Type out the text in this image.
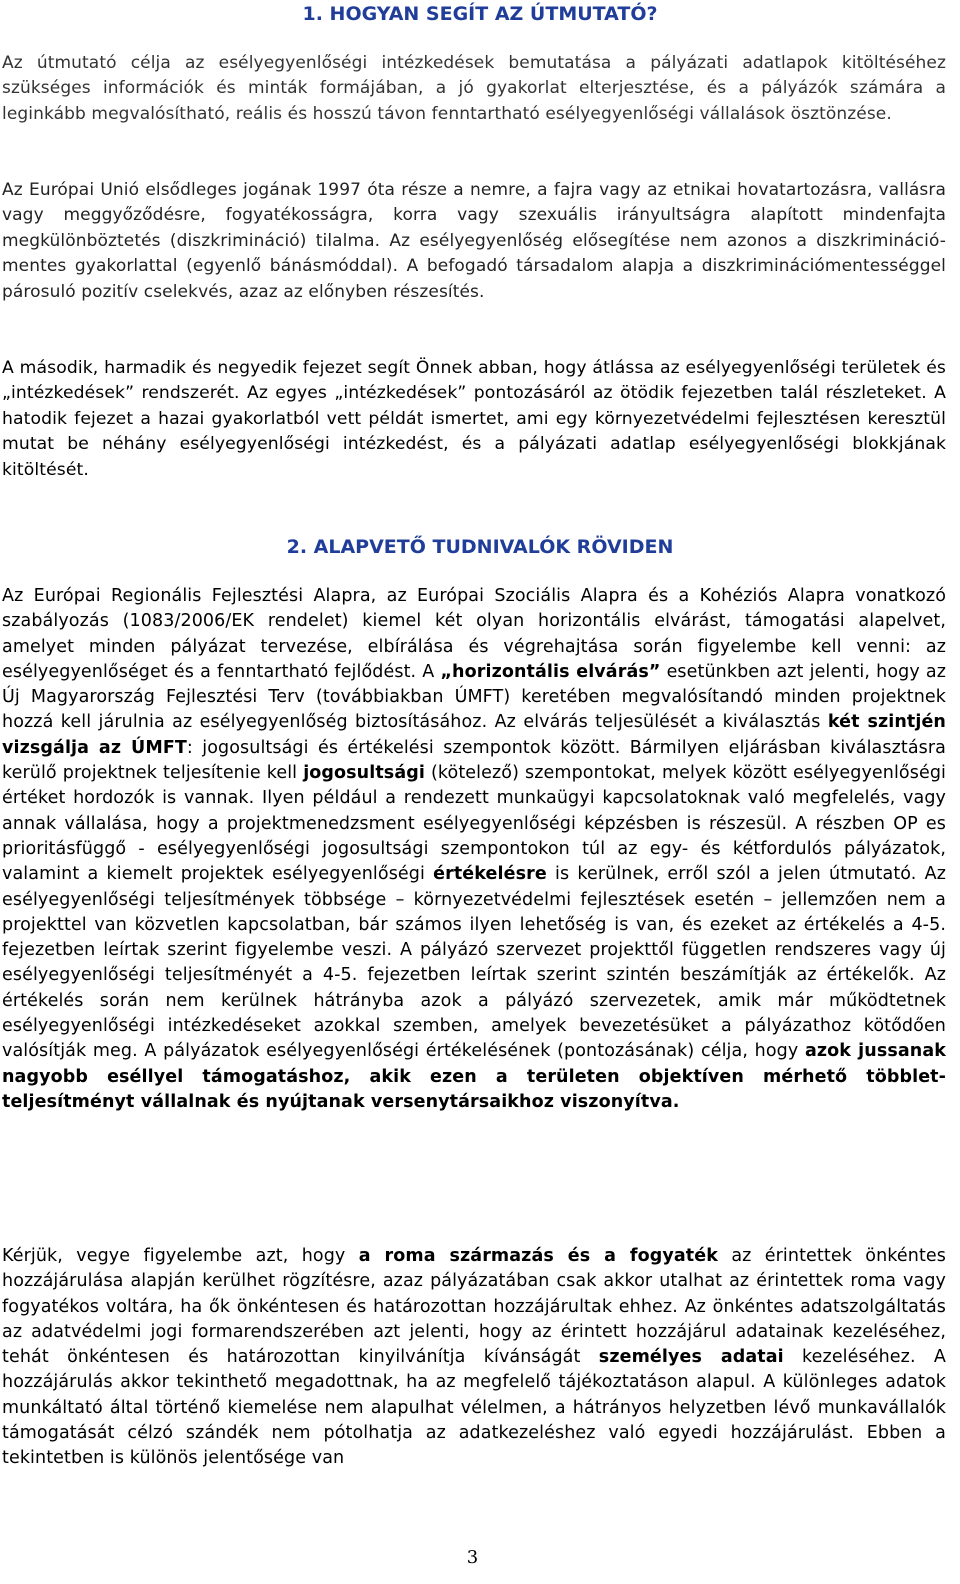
1. HOGYAN SEGÍT AZ ÚTMUTATÓ?

Az útmutató célja az esélyegyenlőségi intézkedések bemutatása a pályázati adatlapok kitöltéséhez szükséges információk és minták formájában, a jó gyakorlat elterjesztése, és a pályázók számára a leginkább megvalósítható, reális és hosszú távon fenntartható esélyegyenlőségi vállalások ösztönzése.

Az Európai Unió elsődleges jogának 1997 óta része a nemre, a fajra vagy az etnikai hovatartozásra, vallásra vagy meggyőződésre, fogyatékosságra, korra vagy szexuális irányultságra alapított mindenfajta megkülönböztetés (diszkrimináció) tilalma. Az esélyegyenlőség elősegítése nem azonos a diszkrimináció-mentes gyakorlattal (egyenlő bánásmóddal). A befogadó társadalom alapja a diszkriminációmentességgel párosuló pozitív cselekvés, azaz az előnyben részesítés.

A második, harmadik és negyedik fejezet segít Önnek abban, hogy átlássa az esélyegyenlőségi területek és „intézkedések” rendszerét. Az egyes „intézkedések” pontozásáról az ötödik fejezetben talál részleteket. A hatodik fejezet a hazai gyakorlatból vett példát ismertet, ami egy környezetvédelmi fejlesztésen keresztül mutat be néhány esélyegyenlőségi intézkedést, és a pályázati adatlap esélyegyenlőségi blokkjának kitöltését.

2. ALAPVETŐ TUDNIVALÓK RÖVIDEN

Az Európai Regionális Fejlesztési Alapra, az Európai Szociális Alapra és a Kohéziós Alapra vonatkozó szabályozás (1083/2006/EK rendelet) kiemel két olyan horizontális elvárást, támogatási alapelvet, amelyet minden pályázat tervezése, elbírálása és végrehajtása során figyelembe kell venni: az esélyegyenlőséget és a fenntartható fejlődést. A „horizontális elvárás” esetünkben azt jelenti, hogy az Új Magyarország Fejlesztési Terv (továbbiakban ÚMFT) keretében megvalósítandó minden projektnek hozzá kell járulnia az esélyegyenlőség biztosításához. Az elvárás teljesülését a kiválasztás két szintjén vizsgálja az ÚMFT: jogosultsági és értékelési szempontok között. Bármilyen eljárásban kiválasztásra kerülő projektnek teljesítenie kell jogosultsági (kötelező) szempontokat, melyek között esélyegyenlőségi értéket hordozók is vannak. Ilyen például a rendezett munkaügyi kapcsolatoknak való megfelelés, vagy annak vállalása, hogy a projektmenedzsment esélyegyenlőségi képzésben is részesül. A részben OP es prioritásfüggő - esélyegyenlőségi jogosultsági szempontokon túl az egy- és kétfordulós pályázatok, valamint a kiemelt projektek esélyegyenlőségi értékelésre is kerülnek, erről szól a jelen útmutató. Az esélyegyenlőségi teljesítmények többsége – környezetvédelmi fejlesztések esetén – jellemzően nem a projekttel van közvetlen kapcsolatban, bár számos ilyen lehetőség is van, és ezeket az értékelés a 4-5. fejezetben leírtak szerint figyelembe veszi. A pályázó szervezet projekttől független rendszeres vagy új esélyegyenlőségi teljesítményét a 4-5. fejezetben leírtak szerint szintén beszámítják az értékelők. Az értékelés során nem kerülnek hátrányba azok a pályázó szervezetek, amik már működtetnek esélyegyenlőségi intézkedéseket azokkal szemben, amelyek bevezetésüket a pályázathoz kötődően valósítják meg. A pályázatok esélyegyenlőségi értékelésének (pontozásának) célja, hogy azok jussanak nagyobb eséllyel támogatáshoz, akik ezen a területen objektíven mérhető többlet-teljesítményt vállalnak és nyújtanak versenytársaikhoz viszonyítva.

Kérjük, vegye figyelembe azt, hogy a roma származás és a fogyaték az érintettek önkéntes hozzájárulása alapján kerülhet rögzítésre, azaz pályázatában csak akkor utalhat az érintettek roma vagy fogyatékos voltára, ha ők önkéntesen és határozottan hozzájárultak ehhez. Az önkéntes adatszolgáltatás az adatvédelmi jogi formarendszerében azt jelenti, hogy az érintett hozzájárul adatainak kezeléséhez, tehát önkéntesen és határozottan kinyilvánítja kívánságát személyes adatai kezeléséhez. A hozzájárulás akkor tekinthető megadottnak, ha az megfelelő tájékoztatáson alapul. A különleges adatok munkáltató által történő kiemelése nem alapulhat vélelmen, a hátrányos helyzetben lévő munkavállalók támogatását célzó szándék nem pótolhatja az adatkezeléshez való egyedi hozzájárulást. Ebben a tekintetben is különös jelentősége van

3
